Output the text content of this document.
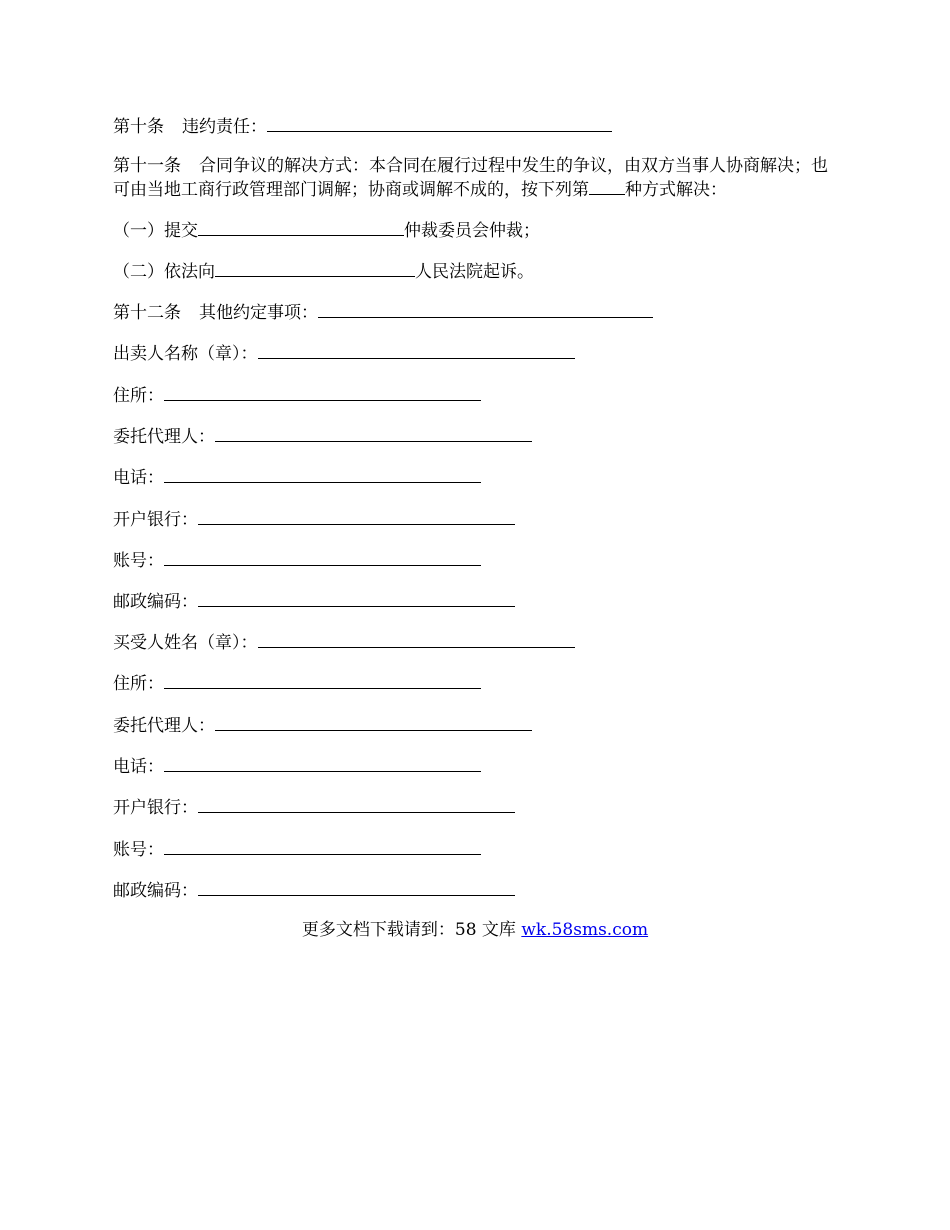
第十条 违约责任：
第十一条 合同争议的解决方式：本合同在履行过程中发生的争议，由双方当事人协商解决；也可由当地工商行政管理部门调解；协商或调解不成的，按下列第 种方式解决：
（一）提交	仲裁委员会仲裁；
（二）依法向	人民法院起诉。
第十二条 其他约定事项：
出卖人名称（章）：
住所：
委托代理人：
电话：
开户银行：
账号：
邮政编码：
买受人姓名（章）：
住所：
委托代理人：
电话：
开户银行：
账号：
邮政编码：
更多文档下载请到：58 文库 wk.58sms.com
